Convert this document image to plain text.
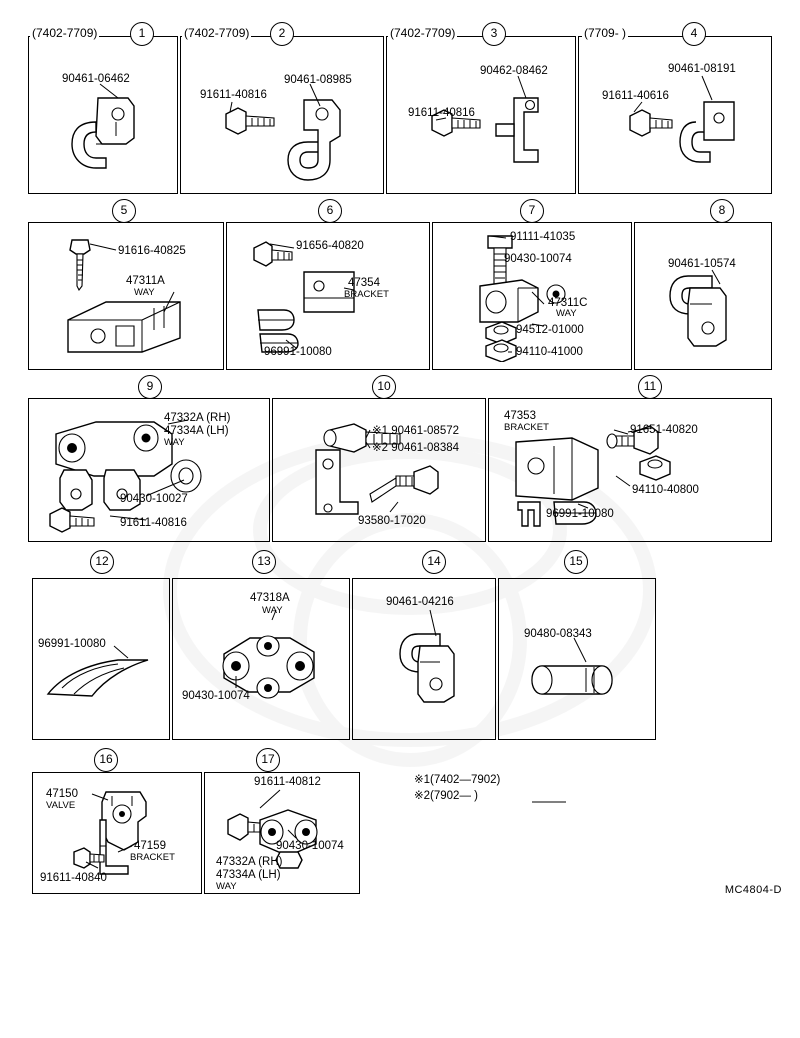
(7402-7709)	(7402-7709)	(7402-7709)	(7709- )
1	2	3	4
90461-06462	90461-08985
91611-40816
90462-08462
91611-40816
90461-08191
91611-40616
5	6	7	8
91616-40825
47311A
WAY
91656-40820
47354
BRACKET
96991-10080
91111-41035
90430-10074
47311C
WAY
94512-01000
94110-41000
90461-10574
9	10	11
47332A (RH)
47334A (LH)
WAY
90430-10027
91611-40816
※1 90461-08572
※2 90461-08384
93580-17020
47353
BRACKET	91651-40820
94110-40800
96991-10080
12	13	14	15
96991-10080
47318A
WAY
90430-10074
90461-04216
90480-08343
16	17
47150
VALVE
47159
BRACKET
91611-40840
91611-40812
90430-10074
47332A (RH)
47334A (LH)
WAY
※1(7402—7902)
※2(7902— )
MC4804-D
